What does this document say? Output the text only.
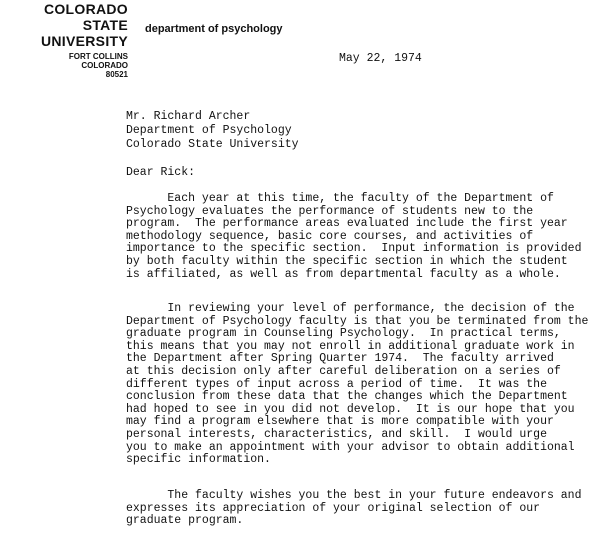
COLORADO
STATE
UNIVERSITY
FORT COLLINS
COLORADO
80521
department of psychology
May 22, 1974
Mr. Richard Archer
Department of Psychology
Colorado State University
Dear Rick:
Each year at this time, the faculty of the Department of
Psychology evaluates the performance of students new to the
program.  The performance areas evaluated include the first year
methodology sequence, basic core courses, and activities of
importance to the specific section.  Input information is provided
by both faculty within the specific section in which the student
is affiliated, as well as from departmental faculty as a whole.
In reviewing your level of performance, the decision of the
Department of Psychology faculty is that you be terminated from the
graduate program in Counseling Psychology.  In practical terms,
this means that you may not enroll in additional graduate work in
the Department after Spring Quarter 1974.  The faculty arrived
at this decision only after careful deliberation on a series of
different types of input across a period of time.  It was the
conclusion from these data that the changes which the Department
had hoped to see in you did not develop.  It is our hope that you
may find a program elsewhere that is more compatible with your
personal interests, characteristics, and skill.  I would urge
you to make an appointment with your advisor to obtain additional
specific information.
The faculty wishes you the best in your future endeavors and
expresses its appreciation of your original selection of our
graduate program.
